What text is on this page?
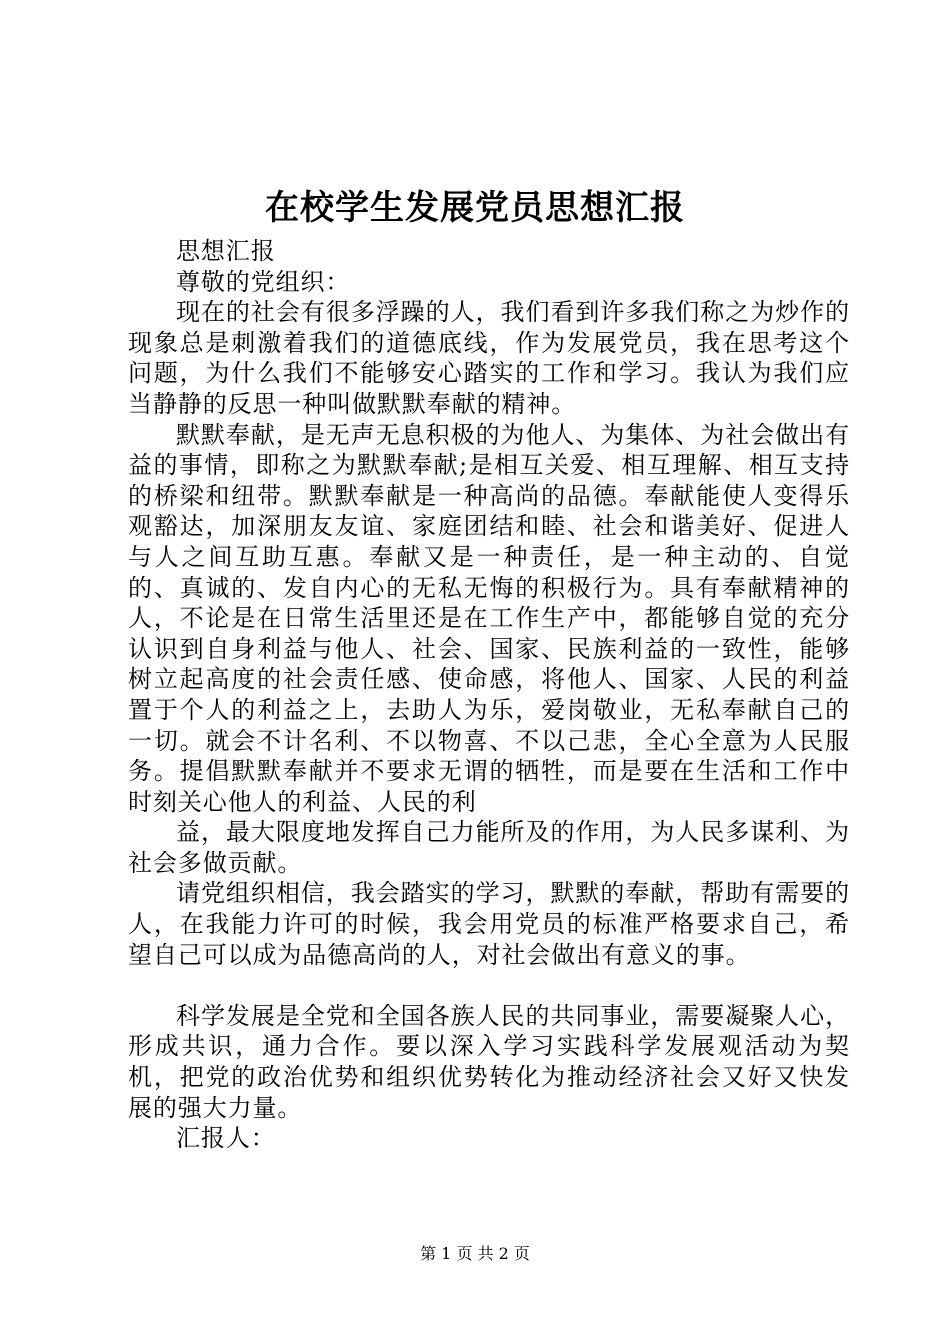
在校学生发展党员思想汇报

思想汇报

尊敬的党组织：

现在的社会有很多浮躁的人，我们看到许多我们称之为炒作的现象总是刺激着我们的道德底线，作为发展党员，我在思考这个问题，为什么我们不能够安心踏实的工作和学习。我认为我们应当静静的反思一种叫做默默奉献的精神。

默默奉献，是无声无息积极的为他人、为集体、为社会做出有益的事情，即称之为默默奉献;是相互关爱、相互理解、相互支持的桥梁和纽带。默默奉献是一种高尚的品德。奉献能使人变得乐观豁达，加深朋友友谊、家庭团结和睦、社会和谐美好、促进人与人之间互助互惠。奉献又是一种责任，是一种主动的、自觉的、真诚的、发自内心的无私无悔的积极行为。具有奉献精神的人，不论是在日常生活里还是在工作生产中，都能够自觉的充分认识到自身利益与他人、社会、国家、民族利益的一致性，能够树立起高度的社会责任感、使命感，将他人、国家、人民的利益置于个人的利益之上，去助人为乐，爱岗敬业，无私奉献自己的一切。就会不计名利、不以物喜、不以己悲，全心全意为人民服务。提倡默默奉献并不要求无谓的牺牲，而是要在生活和工作中时刻关心他人的利益、人民的利

益，最大限度地发挥自己力能所及的作用，为人民多谋利、为社会多做贡献。

请党组织相信，我会踏实的学习，默默的奉献，帮助有需要的人，在我能力许可的时候，我会用党员的标准严格要求自己，希望自己可以成为品德高尚的人，对社会做出有意义的事。

科学发展是全党和全国各族人民的共同事业，需要凝聚人心，形成共识，通力合作。要以深入学习实践科学发展观活动为契机，把党的政治优势和组织优势转化为推动经济社会又好又快发展的强大力量。

汇报人：

第 1 页 共 2 页
